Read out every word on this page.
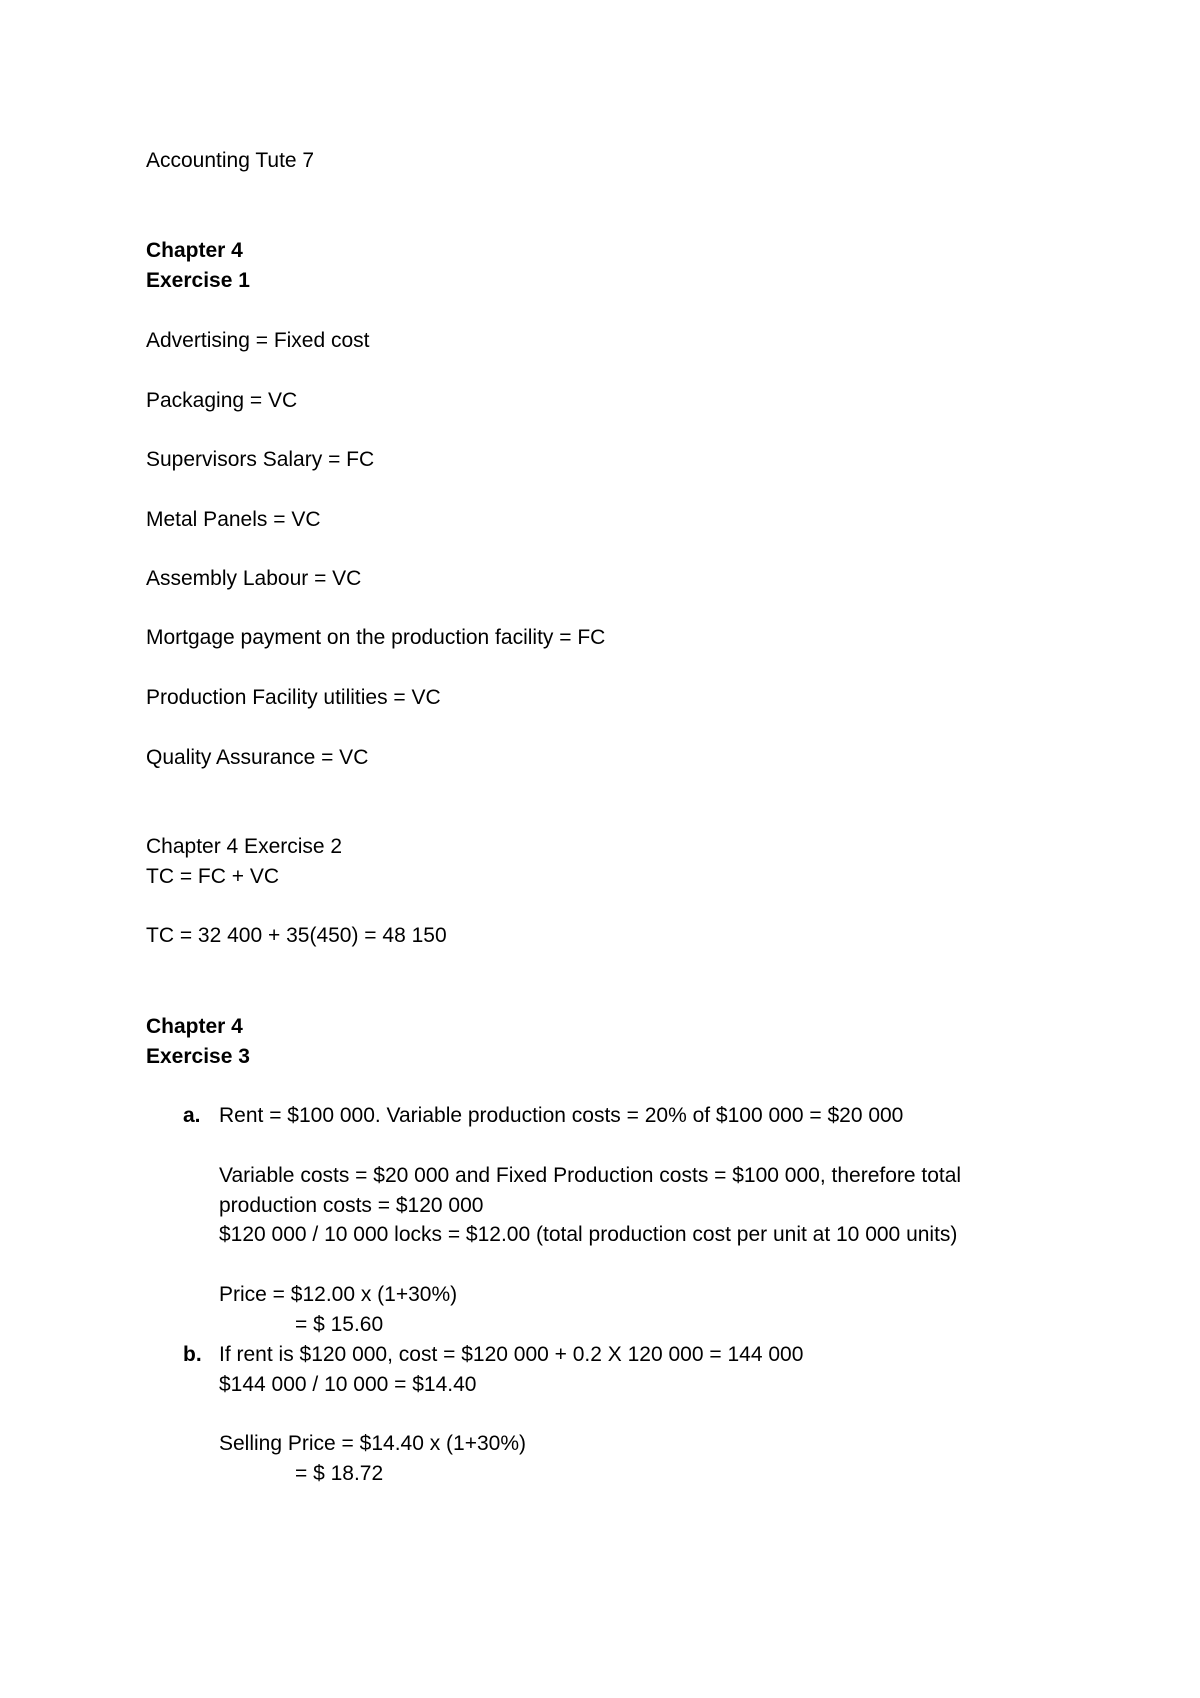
Accounting Tute 7
Chapter 4
Exercise 1
Advertising = Fixed cost
Packaging = VC
Supervisors Salary = FC
Metal Panels = VC
Assembly Labour = VC
Mortgage payment on the production facility = FC
Production Facility utilities = VC
Quality Assurance = VC
Chapter 4 Exercise 2
TC = FC + VC
TC = 32 400 + 35(450) = 48 150
Chapter 4
Exercise 3
a. Rent = $100 000. Variable production costs = 20% of $100 000 = $20 000
Variable costs = $20 000 and Fixed Production costs = $100 000, therefore total
production costs = $120 000
$120 000 / 10 000 locks = $12.00 (total production cost per unit at 10 000 units)
Price = $12.00 x (1+30%)
= $ 15.60
b. If rent is $120 000, cost = $120 000 + 0.2 X 120 000 = 144 000
$144 000 / 10 000 = $14.40
Selling Price = $14.40 x (1+30%)
= $ 18.72
